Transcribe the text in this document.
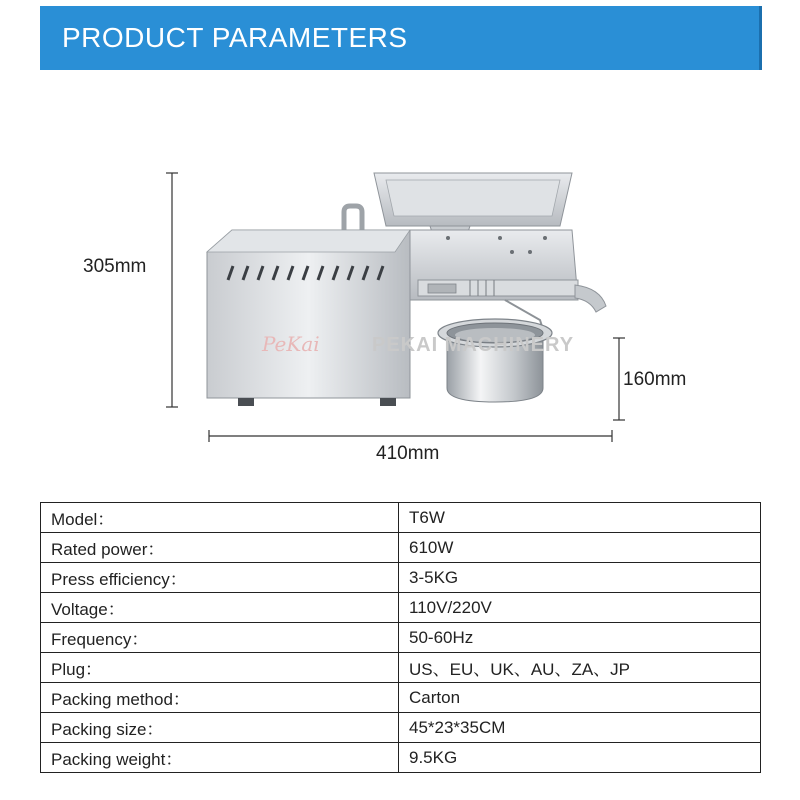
PRODUCT PARAMETERS
PeKai	PEKAI MACHINERY
305mm
410mm
160mm
Model：	T6W
Rated power：	610W
Press efficiency：	3-5KG
Voltage：	110V/220V
Frequency：	50-60Hz
Plug：	US、EU、UK、AU、ZA、JP
Packing method：	Carton
Packing size：	45*23*35CM
Packing weight：	9.5KG
